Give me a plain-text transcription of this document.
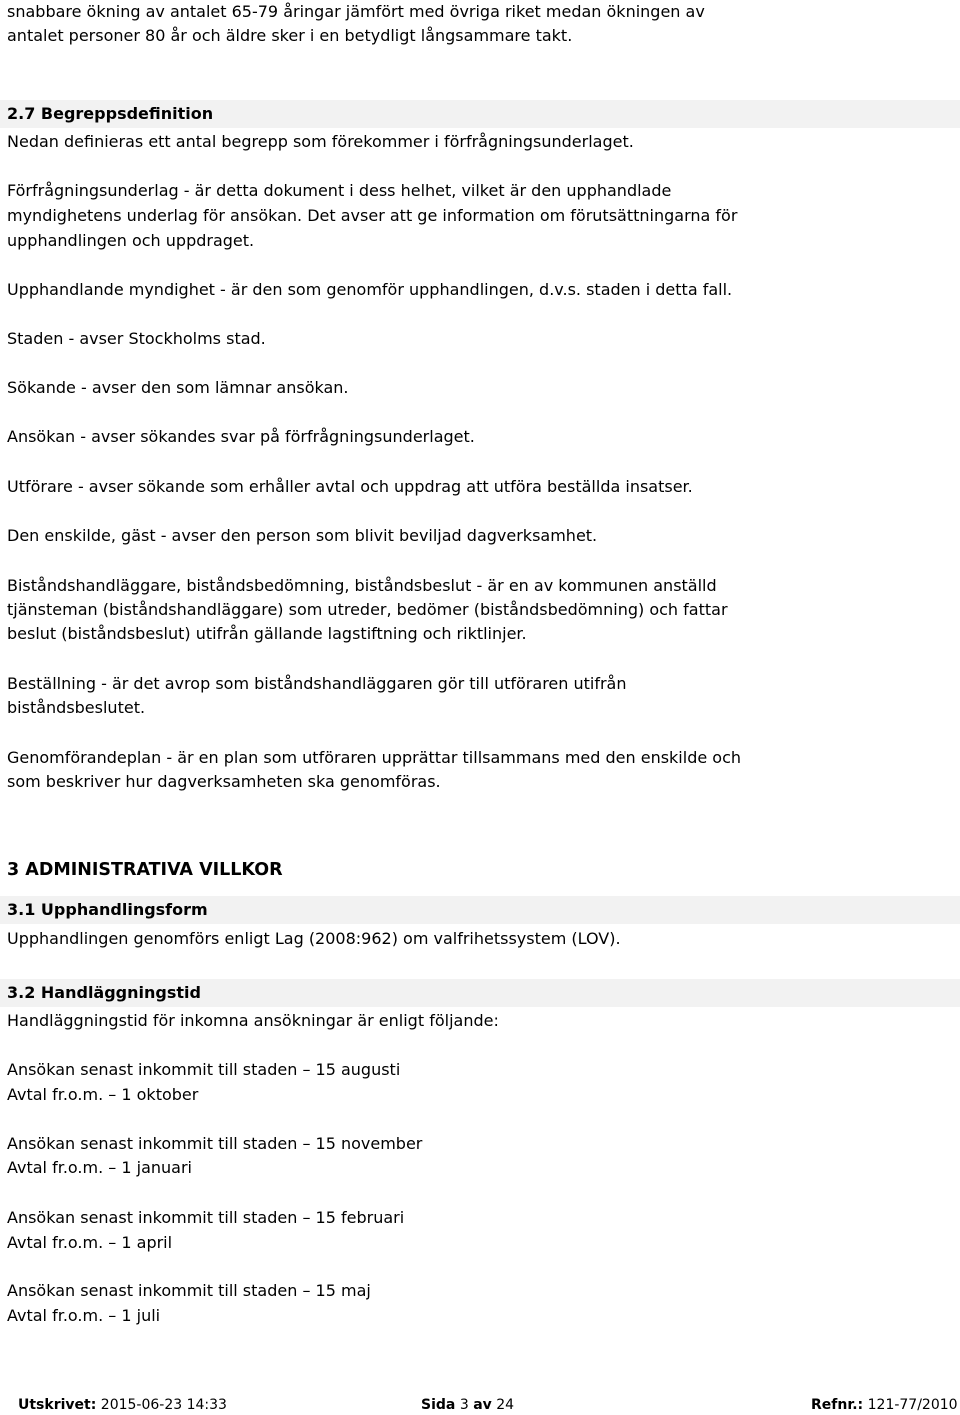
snabbare ökning av antalet 65-79 åringar jämfört med övriga riket medan ökningen av
antalet personer 80 år och äldre sker i en betydligt långsammare takt.
2.7 Begreppsdefinition
Nedan definieras ett antal begrepp som förekommer i förfrågningsunderlaget.
Förfrågningsunderlag - är detta dokument i dess helhet, vilket är den upphandlade
myndighetens underlag för ansökan. Det avser att ge information om förutsättningarna för
upphandlingen och uppdraget.
Upphandlande myndighet - är den som genomför upphandlingen, d.v.s. staden i detta fall.
Staden - avser Stockholms stad.
Sökande - avser den som lämnar ansökan.
Ansökan - avser sökandes svar på förfrågningsunderlaget.
Utförare - avser sökande som erhåller avtal och uppdrag att utföra beställda insatser.
Den enskilde, gäst - avser den person som blivit beviljad dagverksamhet.
Biståndshandläggare, biståndsbedömning, biståndsbeslut - är en av kommunen anställd
tjänsteman (biståndshandläggare) som utreder, bedömer (biståndsbedömning) och fattar
beslut (biståndsbeslut) utifrån gällande lagstiftning och riktlinjer.
Beställning - är det avrop som biståndshandläggaren gör till utföraren utifrån
biståndsbeslutet.
Genomförandeplan - är en plan som utföraren upprättar tillsammans med den enskilde och
som beskriver hur dagverksamheten ska genomföras.
3 ADMINISTRATIVA VILLKOR
3.1 Upphandlingsform
Upphandlingen genomförs enligt Lag (2008:962) om valfrihetssystem (LOV).
3.2 Handläggningstid
Handläggningstid för inkomna ansökningar är enligt följande:
Ansökan senast inkommit till staden – 15 augusti
Avtal fr.o.m. – 1 oktober
Ansökan senast inkommit till staden – 15 november
Avtal fr.o.m. – 1 januari
Ansökan senast inkommit till staden – 15 februari
Avtal fr.o.m. – 1 april
Ansökan senast inkommit till staden – 15 maj
Avtal fr.o.m. – 1 juli
Utskrivet: 2015-06-23 14:33	Sida 3 av 24	Refnr.: 121-77/2010
